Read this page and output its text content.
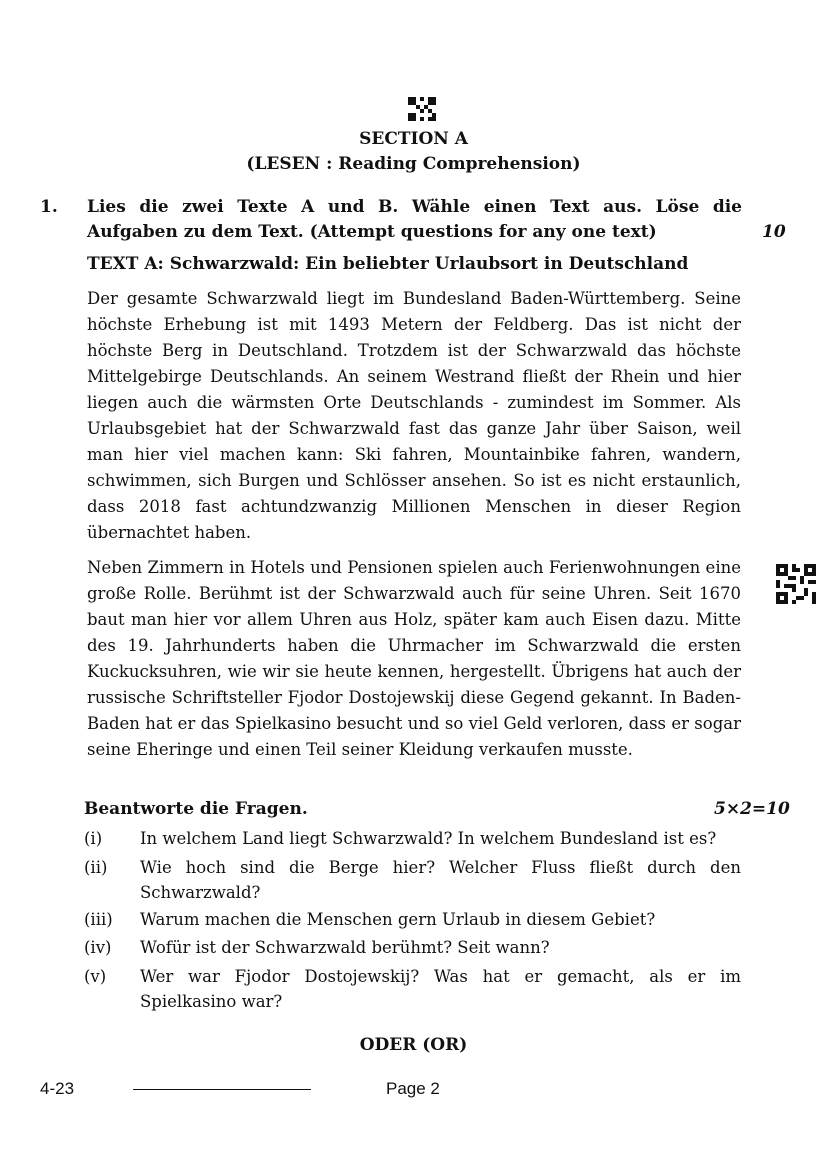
SECTION A
(LESEN : Reading Comprehension)
1. Lies die zwei Texte A und B. Wähle einen Text aus. Löse die Aufgaben zu dem Text. (Attempt questions for any one text)	10
TEXT A: Schwarzwald: Ein beliebter Urlaubsort in Deutschland
Der gesamte Schwarzwald liegt im Bundesland Baden-Württemberg. Seine höchste Erhebung ist mit 1493 Metern der Feldberg. Das ist nicht der höchste Berg in Deutschland. Trotzdem ist der Schwarzwald das höchste Mittelgebirge Deutschlands. An seinem Westrand fließt der Rhein und hier liegen auch die wärmsten Orte Deutschlands - zumindest im Sommer. Als Urlaubsgebiet hat der Schwarzwald fast das ganze Jahr über Saison, weil man hier viel machen kann: Ski fahren, Mountainbike fahren, wandern, schwimmen, sich Burgen und Schlösser ansehen. So ist es nicht erstaunlich, dass 2018 fast achtundzwanzig Millionen Menschen in dieser Region übernachtet haben.
Neben Zimmern in Hotels und Pensionen spielen auch Ferienwohnungen eine große Rolle. Berühmt ist der Schwarzwald auch für seine Uhren. Seit 1670 baut man hier vor allem Uhren aus Holz, später kam auch Eisen dazu. Mitte des 19. Jahrhunderts haben die Uhrmacher im Schwarzwald die ersten Kuckucksuhren, wie wir sie heute kennen, hergestellt. Übrigens hat auch der russische Schriftsteller Fjodor Dostojewskij diese Gegend gekannt. In Baden-Baden hat er das Spielkasino besucht und so viel Geld verloren, dass er sogar seine Eheringe und einen Teil seiner Kleidung verkaufen musste.
Beantworte die Fragen.	5×2=10
(i)	In welchem Land liegt Schwarzwald? In welchem Bundesland ist es?
(ii)	Wie hoch sind die Berge hier? Welcher Fluss fließt durch den Schwarzwald?
(iii)	Warum machen die Menschen gern Urlaub in diesem Gebiet?
(iv)	Wofür ist der Schwarzwald berühmt? Seit wann?
(v)	Wer war Fjodor Dostojewskij? Was hat er gemacht, als er im Spielkasino war?
ODER (OR)
4-23	Page 2
